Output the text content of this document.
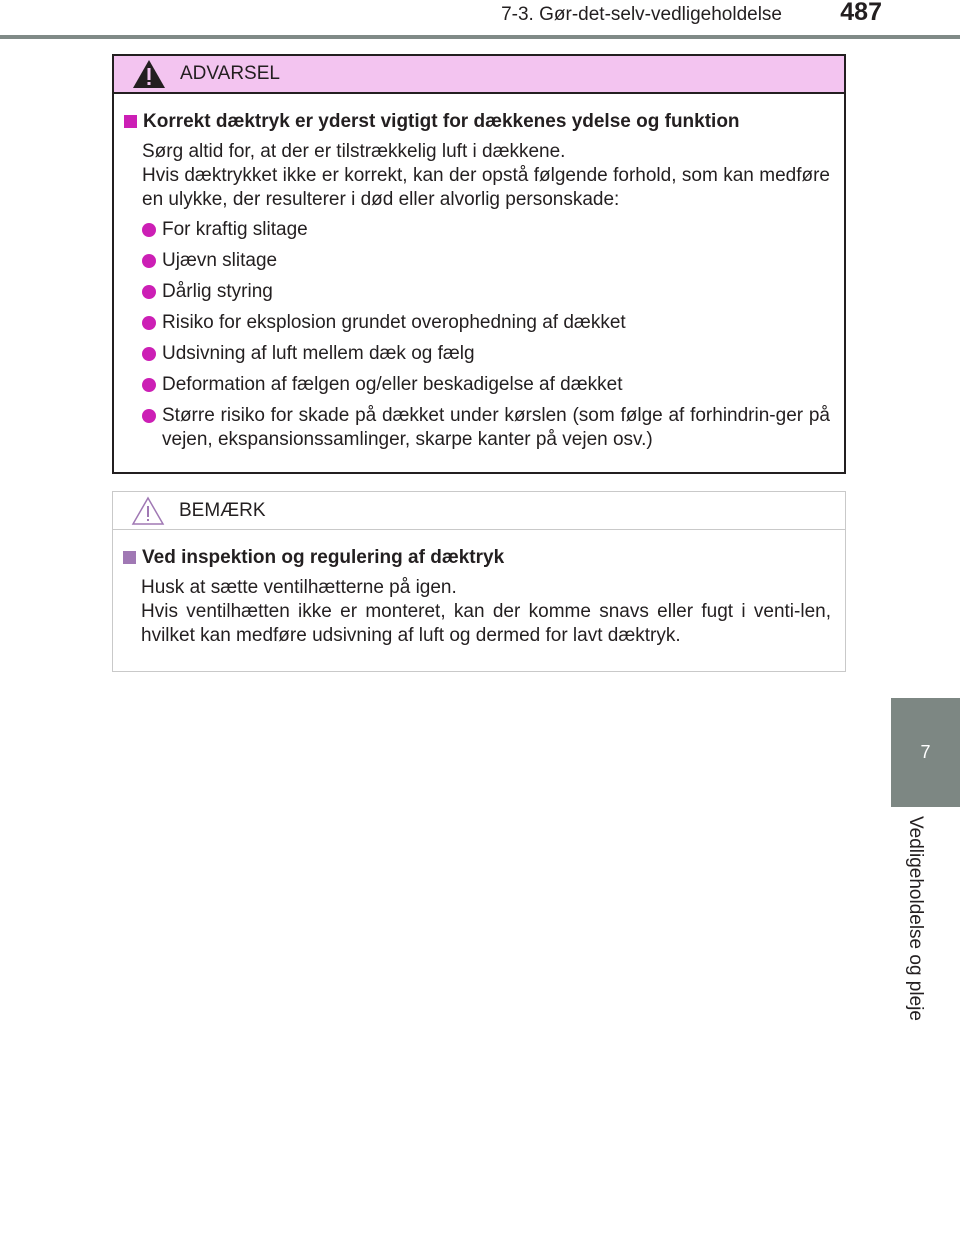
7-3. Gør-det-selv-vedligeholdelse 487
7
Vedligeholdelse og pleje
ADVARSEL
Korrekt dæktryk er yderst vigtigt for dækkenes ydelse og funktion

Sørg altid for, at der er tilstrækkelig luft i dækkene.
Hvis dæktrykket ikke er korrekt, kan der opstå følgende forhold, som kan medføre en ulykke, der resulterer i død eller alvorlig personskade:

For kraftig slitage
Ujævn slitage
Dårlig styring
Risiko for eksplosion grundet overophedning af dækket
Udsivning af luft mellem dæk og fælg
Deformation af fælgen og/eller beskadigelse af dækket
Større risiko for skade på dækket under kørslen (som følge af forhindrin-ger på vejen, ekspansionssamlinger, skarpe kanter på vejen osv.)
BEMÆRK
Ved inspektion og regulering af dæktryk

Husk at sætte ventilhætterne på igen.
Hvis ventilhætten ikke er monteret, kan der komme snavs eller fugt i venti-len, hvilket kan medføre udsivning af luft og dermed for lavt dæktryk.
